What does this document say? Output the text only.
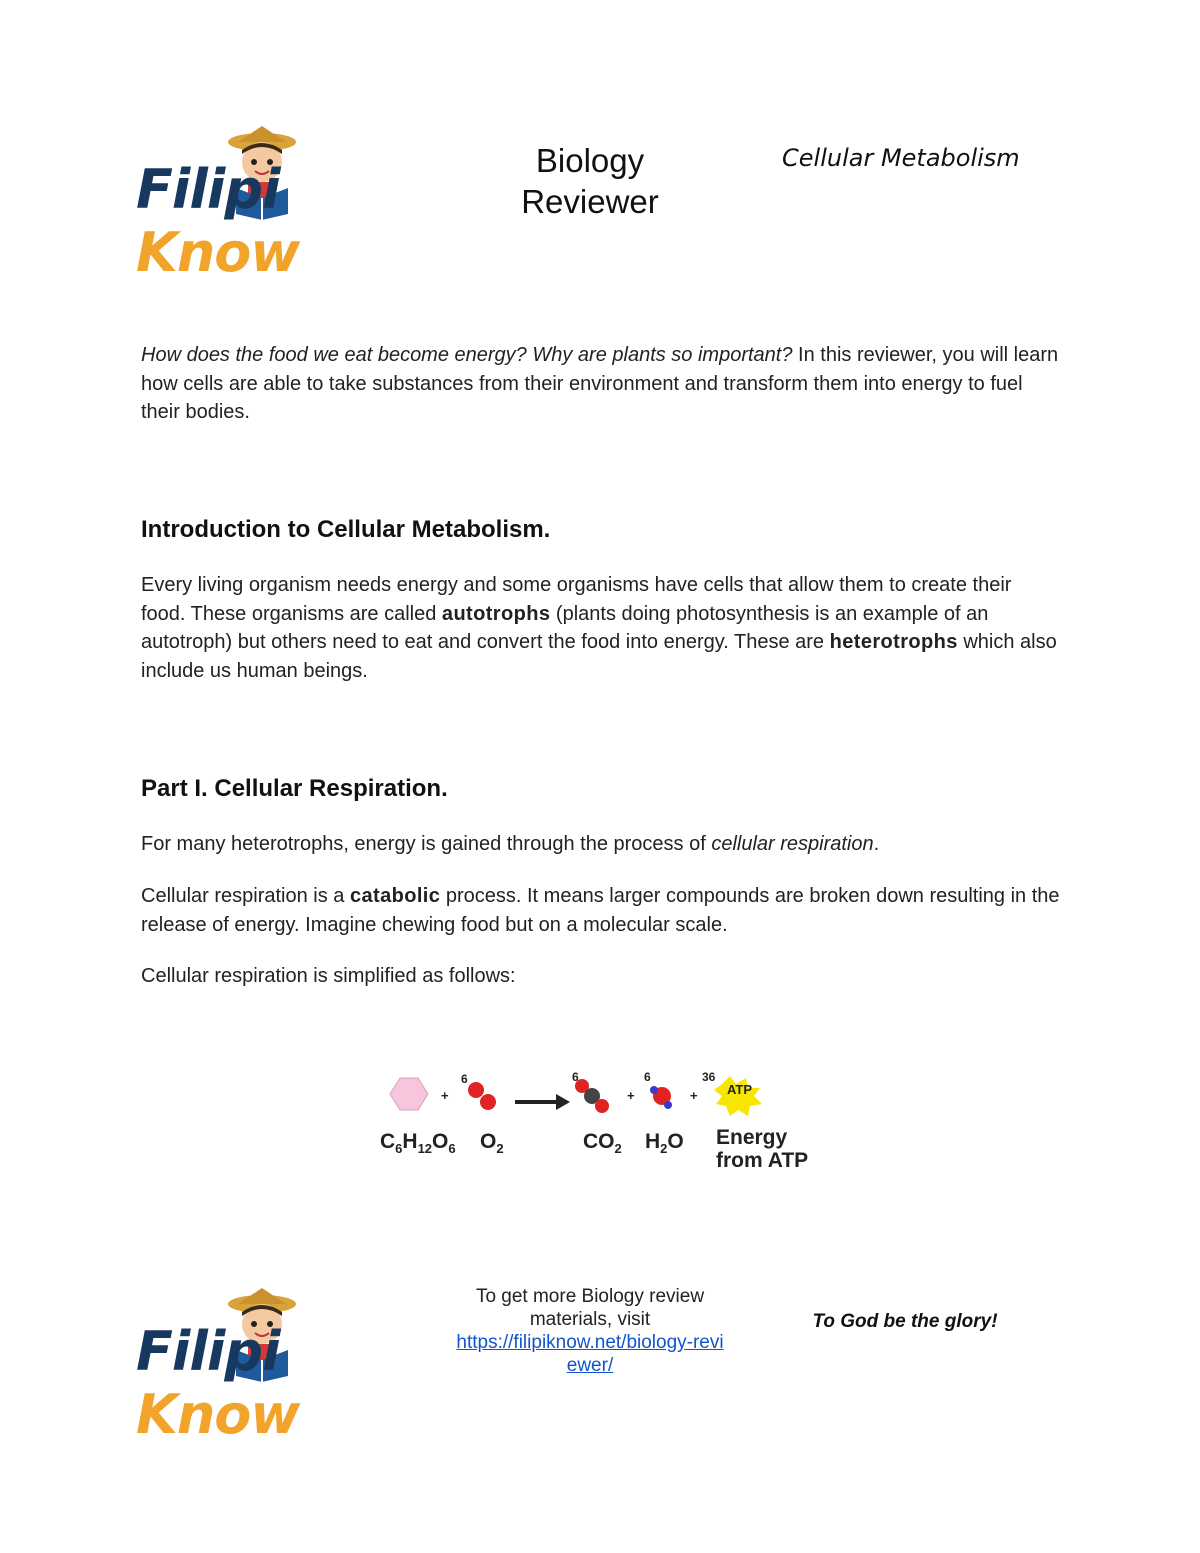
FilipiKnow
Biology
Reviewer
Cellular Metabolism
How does the food we eat become energy? Why are plants so important? In this reviewer, you will learn how cells are able to take substances from their environment and transform them into energy to fuel their bodies.
Introduction to Cellular Metabolism.
Every living organism needs energy and some organisms have cells that allow them to create their food. These organisms are called autotrophs (plants doing photosynthesis is an example of an autotroph) but others need to eat and convert the food into energy. These are heterotrophs which also include us human beings.
Part I. Cellular Respiration.
For many heterotrophs, energy is gained through the process of cellular respiration.
Cellular respiration is a catabolic process. It means larger compounds are broken down resulting in the release of energy. Imagine chewing food but on a molecular scale.
Cellular respiration is simplified as follows:
ATP
6	6	6	36
+	+	+
$C_6H_{12}O_6$ $O_2$	$CO_2$ $H_2O$ Energy
from ATP
FilipiKnow
To get more Biology review
materials, visit
https://filipiknow.net/biology-revi
ewer/
To God be the glory!
